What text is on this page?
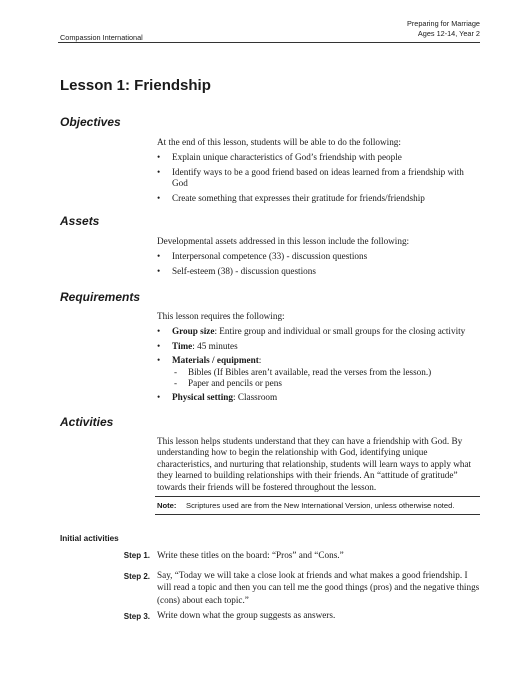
Preparing for Marriage
Ages 12-14, Year 2
Compassion International
Lesson 1: Friendship
Objectives

At the end of this lesson, students will be able to do the following:

• Explain unique characteristics of God’s friendship with people
• Identify ways to be a good friend based on ideas learned from a friendship with God
• Create something that expresses their gratitude for friends/friendship
Assets

Developmental assets addressed in this lesson include the following:

• Interpersonal competence (33) - discussion questions
• Self-esteem (38) - discussion questions
Requirements

This lesson requires the following:

• Group size: Entire group and individual or small groups for the closing activity
• Time: 45 minutes
• Materials / equipment:
- Bibles (If Bibles aren’t available, read the verses from the lesson.)
- Paper and pencils or pens
• Physical setting: Classroom
Activities

This lesson helps students understand that they can have a friendship with God. By understanding how to begin the relationship with God, identifying unique characteristics, and nurturing that relationship, students will learn ways to apply what they learned to building relationships with their friends. An “attitude of gratitude” towards their friends will be fostered throughout the lesson.

Note: Scriptures used are from the New International Version, unless otherwise noted.
Initial activities
Step 1. Write these titles on the board: “Pros” and “Cons.”
Step 2. Say, “Today we will take a close look at friends and what makes a good friendship. I will read a topic and then you can tell me the good things (pros) and the negative things (cons) about each topic.”
Step 3. Write down what the group suggests as answers.
